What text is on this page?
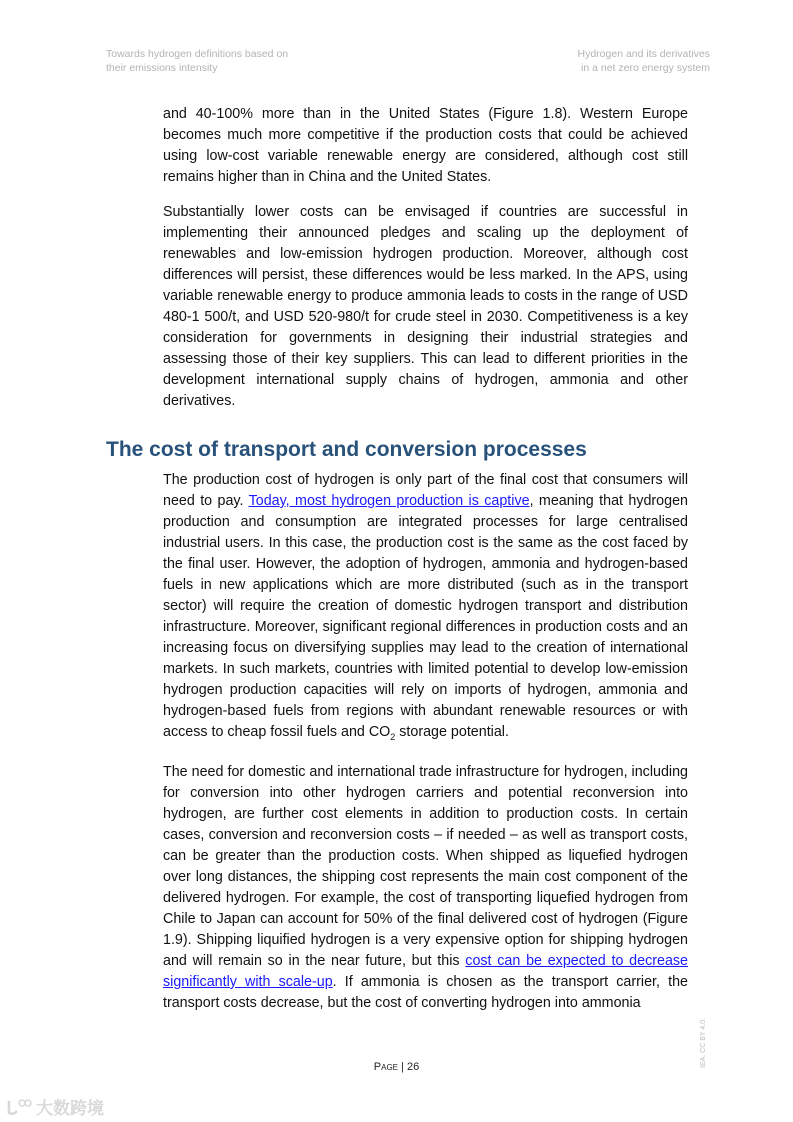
Towards hydrogen definitions based on
their emissions intensity
Hydrogen and its derivatives
in a net zero energy system

and 40-100% more than in the United States (Figure 1.8). Western Europe becomes much more competitive if the production costs that could be achieved using low-cost variable renewable energy are considered, although cost still remains higher than in China and the United States.

Substantially lower costs can be envisaged if countries are successful in implementing their announced pledges and scaling up the deployment of renewables and low-emission hydrogen production. Moreover, although cost differences will persist, these differences would be less marked. In the APS, using variable renewable energy to produce ammonia leads to costs in the range of USD 480-1 500/t, and USD 520-980/t for crude steel in 2030. Competitiveness is a key consideration for governments in designing their industrial strategies and assessing those of their key suppliers. This can lead to different priorities in the development international supply chains of hydrogen, ammonia and other derivatives.

The cost of transport and conversion processes

The production cost of hydrogen is only part of the final cost that consumers will need to pay. Today, most hydrogen production is captive, meaning that hydrogen production and consumption are integrated processes for large centralised industrial users. In this case, the production cost is the same as the cost faced by the final user. However, the adoption of hydrogen, ammonia and hydrogen-based fuels in new applications which are more distributed (such as in the transport sector) will require the creation of domestic hydrogen transport and distribution infrastructure. Moreover, significant regional differences in production costs and an increasing focus on diversifying supplies may lead to the creation of international markets. In such markets, countries with limited potential to develop low-emission hydrogen production capacities will rely on imports of hydrogen, ammonia and hydrogen-based fuels from regions with abundant renewable resources or with access to cheap fossil fuels and $CO_2$ storage potential.

The need for domestic and international trade infrastructure for hydrogen, including for conversion into other hydrogen carriers and potential reconversion into hydrogen, are further cost elements in addition to production costs. In certain cases, conversion and reconversion costs – if needed – as well as transport costs, can be greater than the production costs. When shipped as liquefied hydrogen over long distances, the shipping cost represents the main cost component of the delivered hydrogen. For example, the cost of transporting liquefied hydrogen from Chile to Japan can account for 50% of the final delivered cost of hydrogen (Figure 1.9). Shipping liquified hydrogen is a very expensive option for shipping hydrogen and will remain so in the near future, but this cost can be expected to decrease significantly with scale-up. If ammonia is chosen as the transport carrier, the transport costs decrease, but the cost of converting hydrogen into ammonia

Page | 26	IEA. CC BY 4.0.
大数跨境
